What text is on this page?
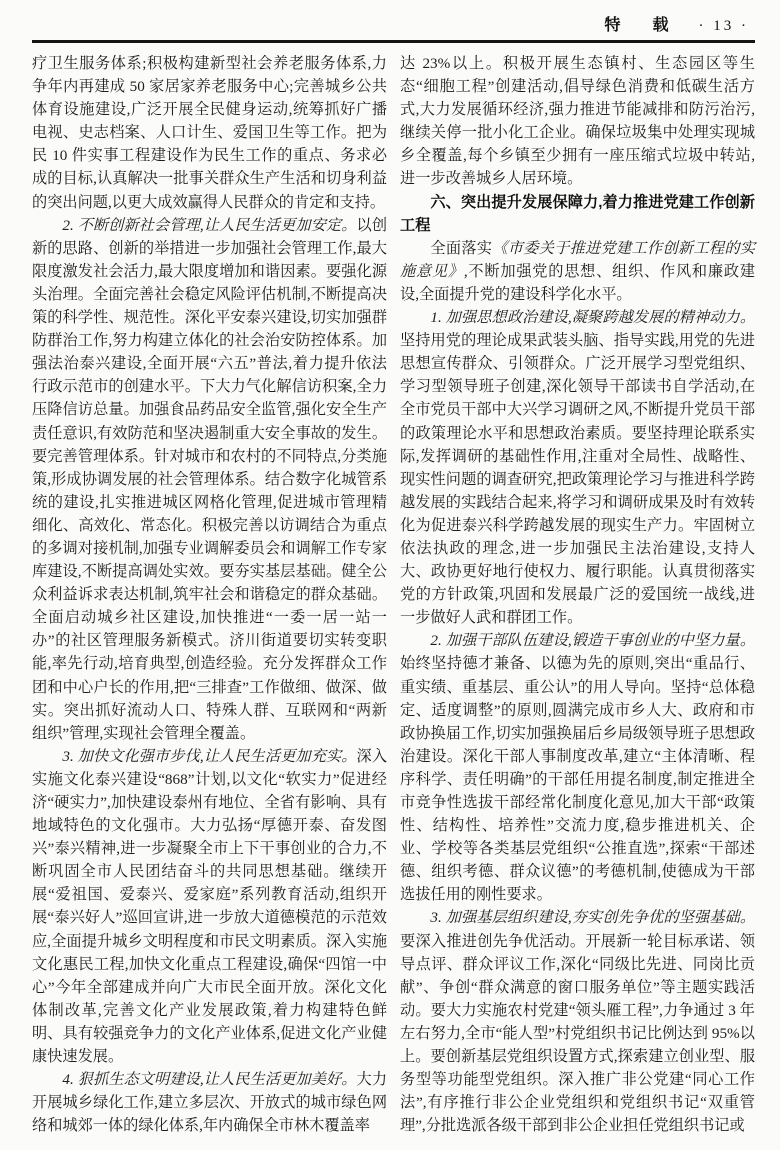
特 载 · 13 ·

疗卫生服务体系;积极构建新型社会养老服务体系,力争年内再建成 50 家居家养老服务中心;完善城乡公共体育设施建设,广泛开展全民健身运动,统筹抓好广播电视、史志档案、人口计生、爱国卫生等工作。把为民 10 件实事工程建设作为民生工作的重点、务求必成的目标,认真解决一批事关群众生产生活和切身利益的突出问题,以更大成效赢得人民群众的肯定和支持。

2. 不断创新社会管理,让人民生活更加安定。以创新的思路、创新的举措进一步加强社会管理工作,最大限度激发社会活力,最大限度增加和谐因素。要强化源头治理。全面完善社会稳定风险评估机制,不断提高决策的科学性、规范性。深化平安泰兴建设,切实加强群防群治工作,努力构建立体化的社会治安防控体系。加强法治泰兴建设,全面开展“六五”普法,着力提升依法行政示范市的创建水平。下大力气化解信访积案,全力压降信访总量。加强食品药品安全监管,强化安全生产责任意识,有效防范和坚决遏制重大安全事故的发生。要完善管理体系。针对城市和农村的不同特点,分类施策,形成协调发展的社会管理体系。结合数字化城管系统的建设,扎实推进城区网格化管理,促进城市管理精细化、高效化、常态化。积极完善以访调结合为重点的多调对接机制,加强专业调解委员会和调解工作专家库建设,不断提高调处实效。要夯实基层基础。健全公众利益诉求表达机制,筑牢社会和谐稳定的群众基础。全面启动城乡社区建设,加快推进“一委一居一站一办”的社区管理服务新模式。济川街道要切实转变职能,率先行动,培育典型,创造经验。充分发挥群众工作团和中心户长的作用,把“三排查”工作做细、做深、做实。突出抓好流动人口、特殊人群、互联网和“两新组织”管理,实现社会管理全覆盖。

3. 加快文化强市步伐,让人民生活更加充实。深入实施文化泰兴建设“868”计划,以文化“软实力”促进经济“硬实力”,加快建设泰州有地位、全省有影响、具有地域特色的文化强市。大力弘扬“厚德开泰、奋发图兴”泰兴精神,进一步凝聚全市上下干事创业的合力,不断巩固全市人民团结奋斗的共同思想基础。继续开展“爱祖国、爱泰兴、爱家庭”系列教育活动,组织开展“泰兴好人”巡回宣讲,进一步放大道德模范的示范效应,全面提升城乡文明程度和市民文明素质。深入实施文化惠民工程,加快文化重点工程建设,确保“四馆一中心”今年全部建成并向广大市民全面开放。深化文化体制改革,完善文化产业发展政策,着力构建特色鲜明、具有较强竞争力的文化产业体系,促进文化产业健康快速发展。

4. 狠抓生态文明建设,让人民生活更加美好。大力开展城乡绿化工作,建立多层次、开放式的城市绿色网络和城郊一体的绿化体系,年内确保全市林木覆盖率

达 23%以上。积极开展生态镇村、生态园区等生态“细胞工程”创建活动,倡导绿色消费和低碳生活方式,大力发展循环经济,强力推进节能减排和防污治污,继续关停一批小化工企业。确保垃圾集中处理实现城乡全覆盖,每个乡镇至少拥有一座压缩式垃圾中转站,进一步改善城乡人居环境。

六、突出提升发展保障力,着力推进党建工作创新工程

全面落实《市委关于推进党建工作创新工程的实施意见》,不断加强党的思想、组织、作风和廉政建设,全面提升党的建设科学化水平。

1. 加强思想政治建设,凝聚跨越发展的精神动力。坚持用党的理论成果武装头脑、指导实践,用党的先进思想宣传群众、引领群众。广泛开展学习型党组织、学习型领导班子创建,深化领导干部读书自学活动,在全市党员干部中大兴学习调研之风,不断提升党员干部的政策理论水平和思想政治素质。要坚持理论联系实际,发挥调研的基础性作用,注重对全局性、战略性、现实性问题的调查研究,把政策理论学习与推进科学跨越发展的实践结合起来,将学习和调研成果及时有效转化为促进泰兴科学跨越发展的现实生产力。牢固树立依法执政的理念,进一步加强民主法治建设,支持人大、政协更好地行使权力、履行职能。认真贯彻落实党的方针政策,巩固和发展最广泛的爱国统一战线,进一步做好人武和群团工作。

2. 加强干部队伍建设,锻造干事创业的中坚力量。始终坚持德才兼备、以德为先的原则,突出“重品行、重实绩、重基层、重公认”的用人导向。坚持“总体稳定、适度调整”的原则,圆满完成市乡人大、政府和市政协换届工作,切实加强换届后乡局级领导班子思想政治建设。深化干部人事制度改革,建立“主体清晰、程序科学、责任明确”的干部任用提名制度,制定推进全市竞争性选拔干部经常化制度化意见,加大干部“政策性、结构性、培养性”交流力度,稳步推进机关、企业、学校等各类基层党组织“公推直选”,探索“干部述德、组织考德、群众议德”的考德机制,使德成为干部选拔任用的刚性要求。

3. 加强基层组织建设,夯实创先争优的坚强基础。要深入推进创先争优活动。开展新一轮目标承诺、领导点评、群众评议工作,深化“同级比先进、同岗比贡献”、争创“群众满意的窗口服务单位”等主题实践活动。要大力实施农村党建“领头雁工程”,力争通过 3 年左右努力,全市“能人型”村党组织书记比例达到 95%以上。要创新基层党组织设置方式,探索建立创业型、服务型等功能型党组织。深入推广非公党建“同心工作法”,有序推行非公企业党组织和党组织书记“双重管理”,分批选派各级干部到非公企业担任党组织书记或
